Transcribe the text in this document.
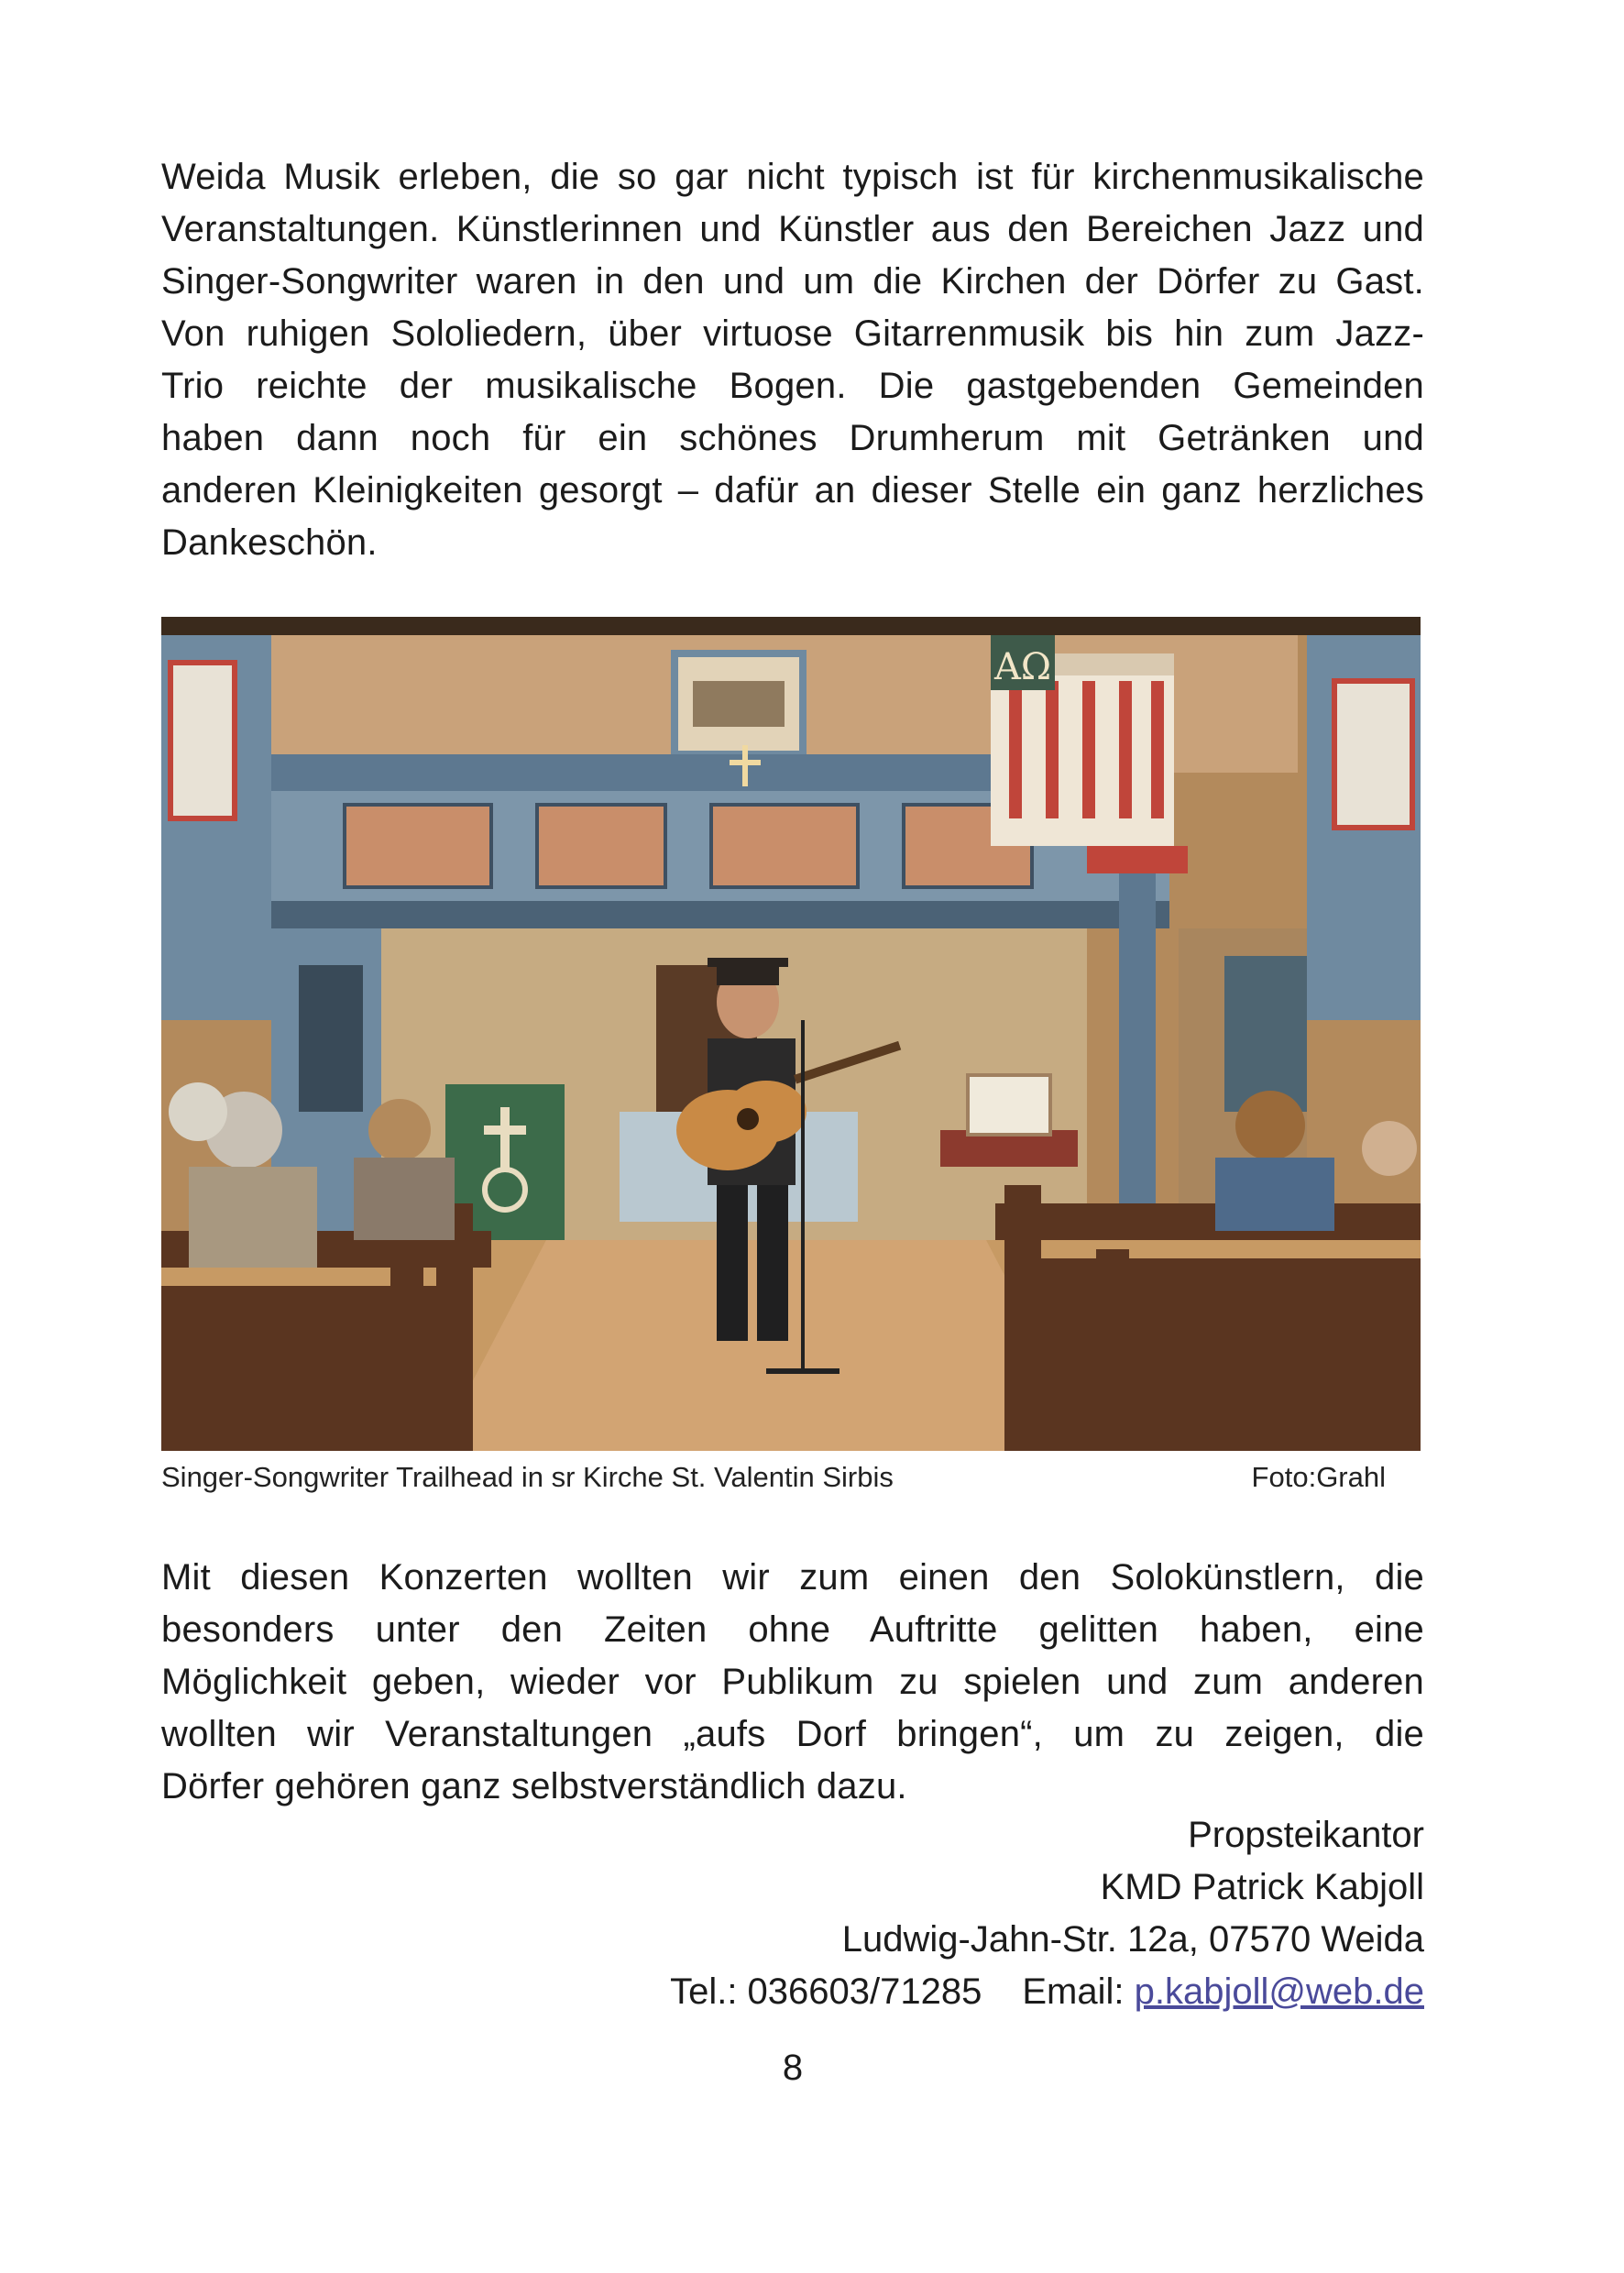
Weida Musik erleben, die so gar nicht typisch ist für kirchenmusikalische
Veranstaltungen. Künstlerinnen und Künstler aus den Bereichen Jazz und
Singer-Songwriter waren in den und um die Kirchen der Dörfer zu Gast.
Von ruhigen Sololiedern, über virtuose Gitarrenmusik bis hin zum Jazz-
Trio reichte der musikalische Bogen. Die gastgebenden Gemeinden
haben dann noch für ein schönes Drumherum mit Getränken und
anderen Kleinigkeiten gesorgt – dafür an dieser Stelle ein ganz herzliches
Dankeschön.
AΩ
Singer-Songwriter Trailhead in sr Kirche St. Valentin Sirbis	Foto:Grahl
Mit diesen Konzerten wollten wir zum einen den Solokünstlern, die
besonders unter den Zeiten ohne Auftritte gelitten haben, eine
Möglichkeit geben, wieder vor Publikum zu spielen und zum anderen
wollten wir Veranstaltungen „aufs Dorf bringen“, um zu zeigen, die
Dörfer gehören ganz selbstverständlich dazu.
Propsteikantor
KMD Patrick Kabjoll
Ludwig-Jahn-Str. 12a, 07570 Weida
Tel.: 036603/71285 Email: p.kabjoll@web.de
8
